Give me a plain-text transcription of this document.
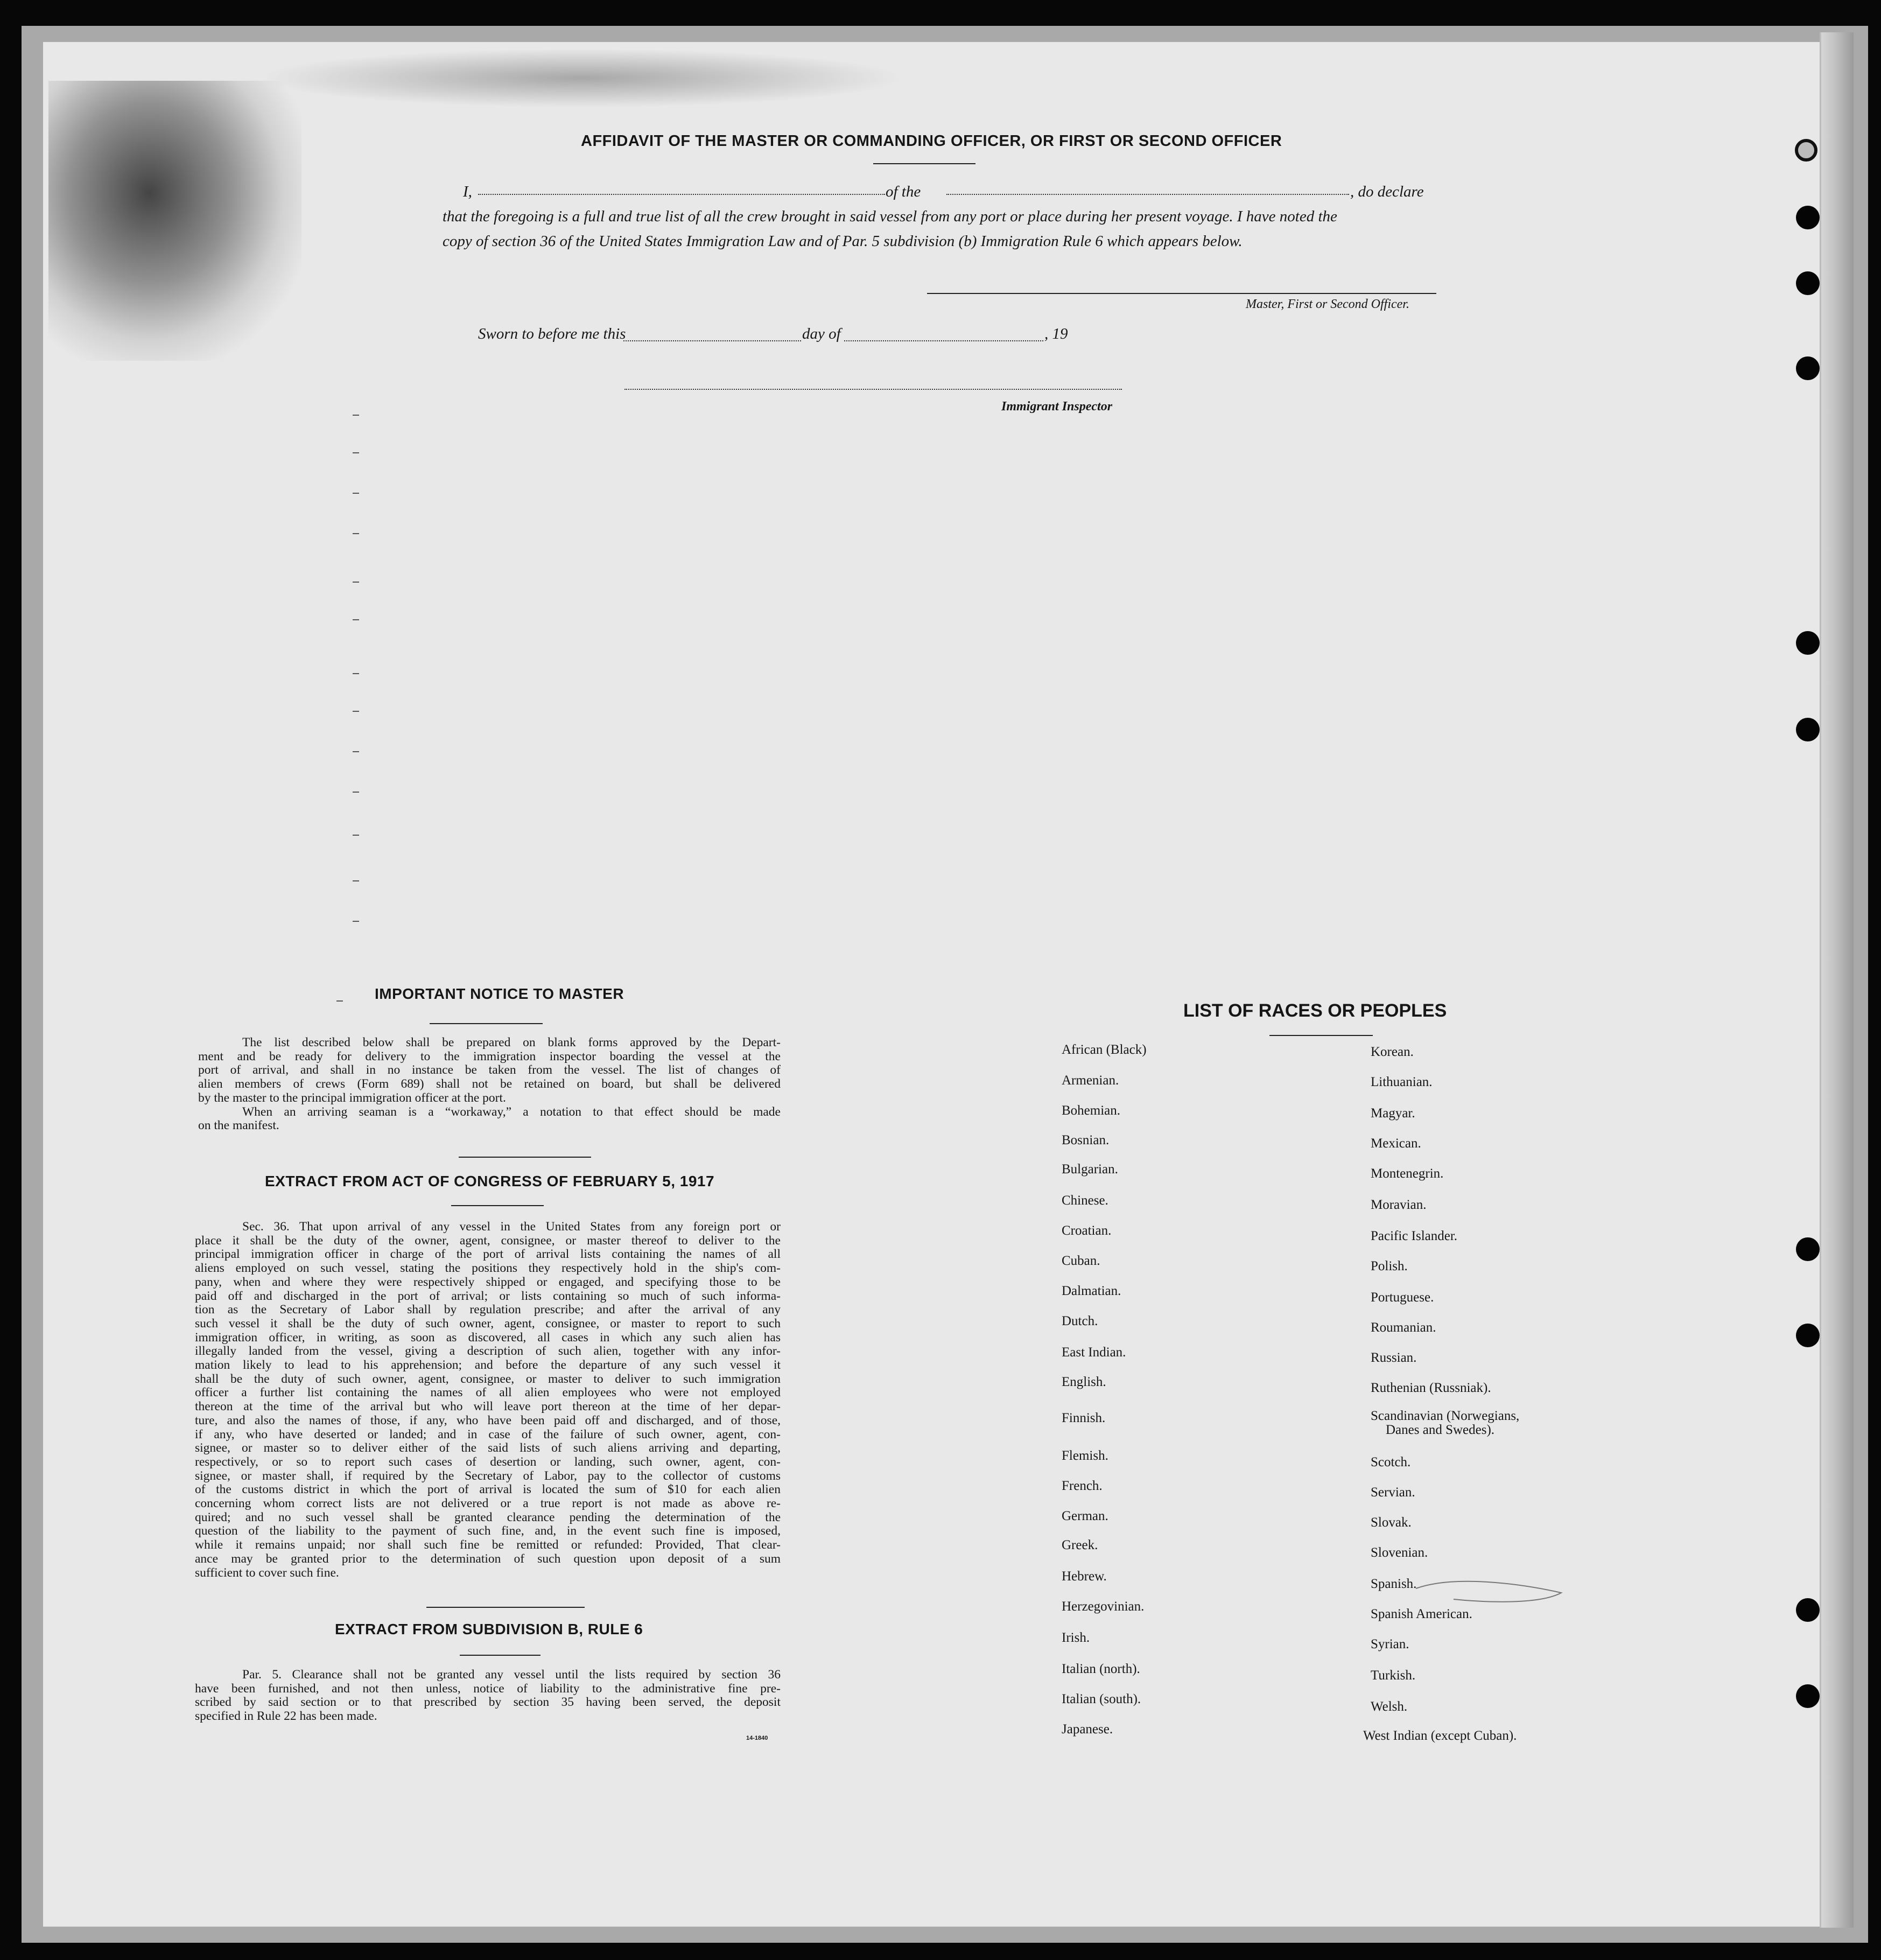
AFFIDAVIT OF THE MASTER OR COMMANDING OFFICER, OR FIRST OR SECOND OFFICER
I,	of the	, do declare
that the foregoing is a full and true list of all the crew brought in said vessel from any port or place during her present voyage. I have noted the
copy of section 36 of the United States Immigration Law and of Par. 5 subdivision (b) Immigration Rule 6 which appears below.
Master, First or Second Officer.
Sworn to before me this	day of	, 19
Immigrant Inspector
IMPORTANT NOTICE TO MASTER
The list described below shall be prepared on blank forms approved by the Depart-
ment and be ready for delivery to the immigration inspector boarding the vessel at the
port of arrival, and shall in no instance be taken from the vessel. The list of changes of
alien members of crews (Form 689) shall not be retained on board, but shall be delivered
by the master to the principal immigration officer at the port.
When an arriving seaman is a “workaway,” a notation to that effect should be made
on the manifest.
EXTRACT FROM ACT OF CONGRESS OF FEBRUARY 5, 1917
Sec. 36. That upon arrival of any vessel in the United States from any foreign port or
place it shall be the duty of the owner, agent, consignee, or master thereof to deliver to the
principal immigration officer in charge of the port of arrival lists containing the names of all
aliens employed on such vessel, stating the positions they respectively hold in the ship's com-
pany, when and where they were respectively shipped or engaged, and specifying those to be
paid off and discharged in the port of arrival; or lists containing so much of such informa-
tion as the Secretary of Labor shall by regulation prescribe; and after the arrival of any
such vessel it shall be the duty of such owner, agent, consignee, or master to report to such
immigration officer, in writing, as soon as discovered, all cases in which any such alien has
illegally landed from the vessel, giving a description of such alien, together with any infor-
mation likely to lead to his apprehension; and before the departure of any such vessel it
shall be the duty of such owner, agent, consignee, or master to deliver to such immigration
officer a further list containing the names of all alien employees who were not employed
thereon at the time of the arrival but who will leave port thereon at the time of her depar-
ture, and also the names of those, if any, who have been paid off and discharged, and of those,
if any, who have deserted or landed; and in case of the failure of such owner, agent, con-
signee, or master so to deliver either of the said lists of such aliens arriving and departing,
respectively, or so to report such cases of desertion or landing, such owner, agent, con-
signee, or master shall, if required by the Secretary of Labor, pay to the collector of customs
of the customs district in which the port of arrival is located the sum of $10 for each alien
concerning whom correct lists are not delivered or a true report is not made as above re-
quired; and no such vessel shall be granted clearance pending the determination of the
question of the liability to the payment of such fine, and, in the event such fine is imposed,
while it remains unpaid; nor shall such fine be remitted or refunded: Provided, That clear-
ance may be granted prior to the determination of such question upon deposit of a sum
sufficient to cover such fine.
EXTRACT FROM SUBDIVISION B, RULE 6
Par. 5. Clearance shall not be granted any vessel until the lists required by section 36
have been furnished, and not then unless, notice of liability to the administrative fine pre-
scribed by said section or to that prescribed by section 35 having been served, the deposit
specified in Rule 22 has been made.
14-1840
LIST OF RACES OR PEOPLES
African (Black)
Armenian.
Bohemian.
Bosnian.
Bulgarian.
Chinese.
Croatian.
Cuban.
Dalmatian.
Dutch.
East Indian.
English.
Finnish.
Flemish.
French.
German.
Greek.
Hebrew.
Herzegovinian.
Irish.
Italian (north).
Italian (south).
Japanese.
Korean.
Lithuanian.
Magyar.
Mexican.
Montenegrin.
Moravian.
Pacific Islander.
Polish.
Portuguese.
Roumanian.
Russian.
Ruthenian (Russniak).
Scandinavian (Norwegians,
Danes and Swedes).
Scotch.
Servian.
Slovak.
Slovenian.
Spanish.
Spanish American.
Syrian.
Turkish.
Welsh.
West Indian (except Cuban).
